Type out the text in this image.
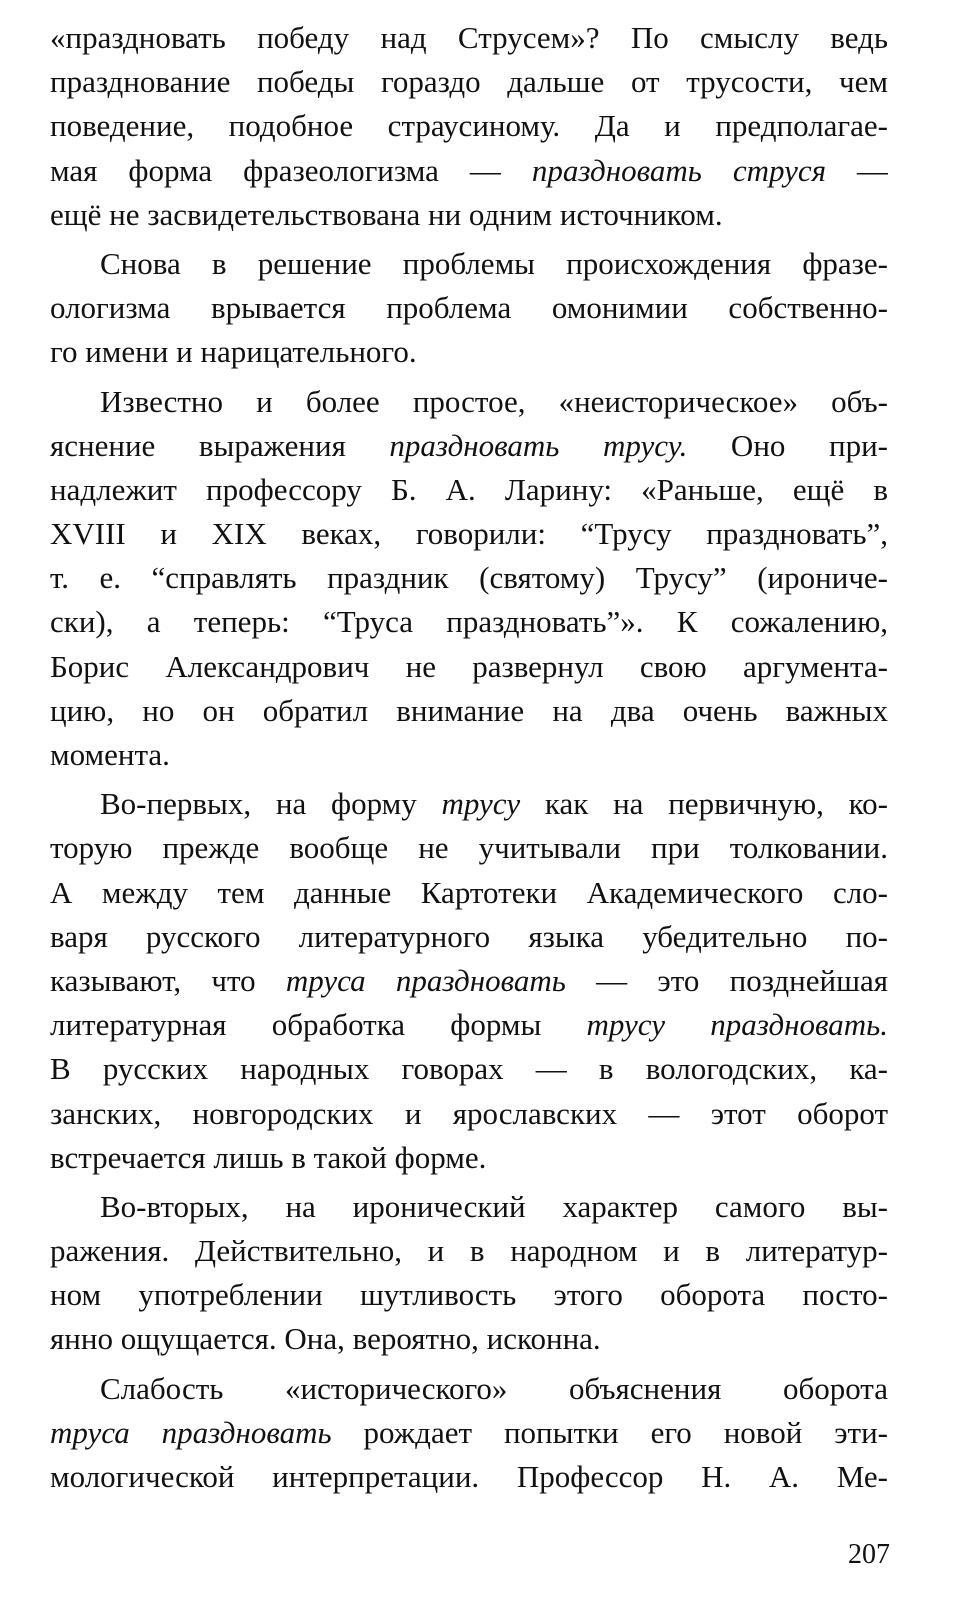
«праздновать победу над Струсем»? По смыслу ведь
празднование победы гораздо дальше от трусости, чем
поведение, подобное страусиному. Да и предполагае-
мая форма фразеологизма — праздновать струся —
ещё не засвидетельствована ни одним источником.
Снова в решение проблемы происхождения фразе-
ологизма врывается проблема омонимии собственно-
го имени и нарицательного.
Известно и более простое, «неисторическое» объ-
яснение выражения праздновать трусу. Оно при-
надлежит профессору Б. А. Ларину: «Раньше, ещё в
XVIII и XIX веках, говорили: “Трусу праздновать”,
т. е. “справлять праздник (святому) Трусу” (ироничe-
ски), а теперь: “Труса праздновать”». К сожалению,
Борис Александрович не развернул свою аргумента-
цию, но он обратил внимание на два очень важных
момента.
Во-первых, на форму трусу как на первичную, ко-
торую прежде вообще не учитывали при толковании.
А между тем данные Картотеки Академического сло-
варя русского литературного языка убедительно по-
казывают, что труса праздновать — это позднейшая
литературная обработка формы трусу праздновать.
В русских народных говорах — в вологодских, ка-
занских, новгородских и ярославских — этот оборот
встречается лишь в такой форме.
Во-вторых, на иронический характер самого вы-
ражения. Действительно, и в народном и в литератур-
ном употреблении шутливость этого оборота посто-
янно ощущается. Она, вероятно, исконна.
Слабость «исторического» объяснения оборота
труса праздновать рождает попытки его новой эти-
мологической интерпретации. Профессор Н. А. Ме-
207
